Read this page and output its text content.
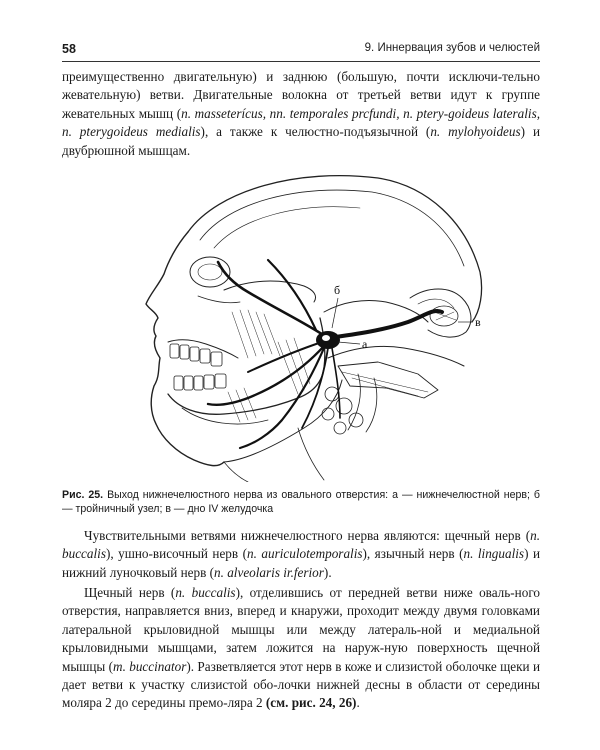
58	9. Иннервация зубов и челюстей

преимущественно двигательную) и заднюю (большую, почти исключи-тельно жевательную) ветви. Двигательные волокна от третьей ветви идут к группе жевательных мышц (n. masseterícus, nn. temporales prcfundi, n. ptery-goideus lateralis, n. pterygoideus medialis), а также к челюстно-подъязычной (n. mylohyoideus) и двубрюшной мышцам.

б
а
в
Рис. 25. Выход нижнечелюстного нерва из овального отверстия: а — нижнечелюстной нерв; б — тройничный узел; в — дно IV желудочка

Чувствительными ветвями нижнечелюстного нерва являются: щечный нерв (n. buccalis), ушно-височный нерв (n. auriculotemporalis), язычный нерв (n. lingualis) и нижний луночковый нерв (n. alveolaris ir.ferior).

Щечный нерв (n. buccalis), отделившись от передней ветви ниже оваль-ного отверстия, направляется вниз, вперед и кнаружи, проходит между двумя головками латеральной крыловидной мышцы или между латераль-ной и медиальной крыловидными мышцами, затем ложится на наруж-ную поверхность щечной мышцы (m. buccinator). Разветвляется этот нерв в коже и слизистой оболочке щеки и дает ветви к участку слизистой обо-лочки нижней десны в области от середины моляра 2 до середины премо-ляра 2 (см. рис. 24, 26).
